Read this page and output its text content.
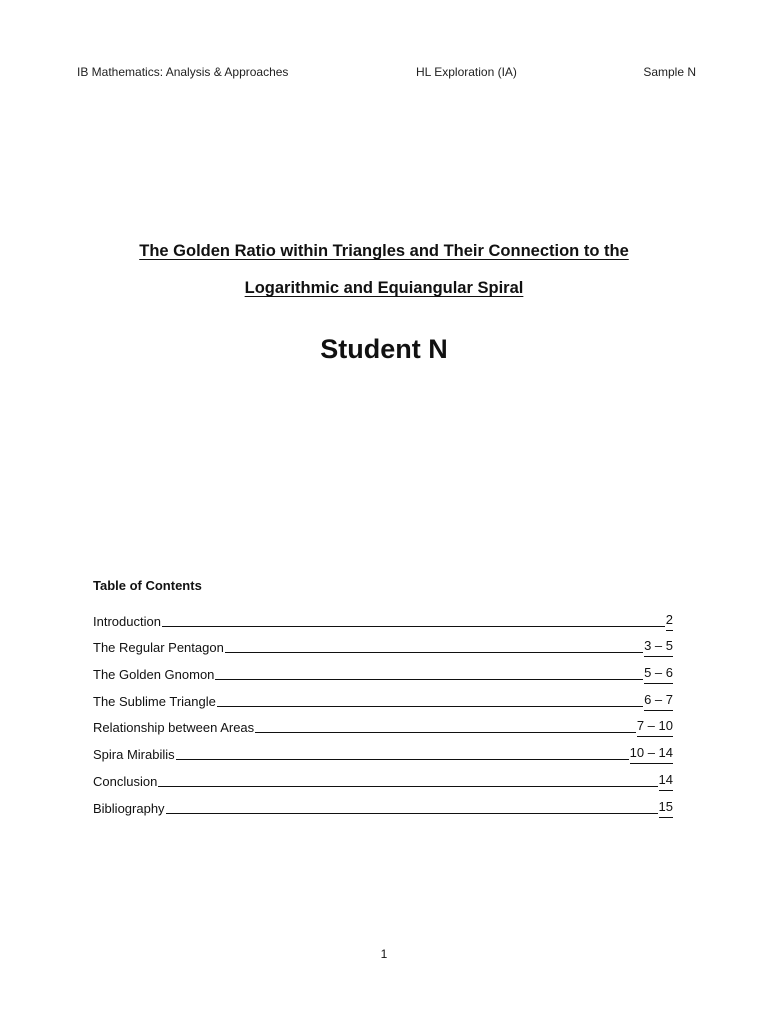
IB Mathematics: Analysis & Approaches	HL Exploration (IA)	Sample N
The Golden Ratio within Triangles and Their Connection to the
Logarithmic and Equiangular Spiral
Student N
Table of Contents
Introduction	2
The Regular Pentagon	3 – 5
The Golden Gnomon	5 – 6
The Sublime Triangle	6 – 7
Relationship between Areas	7 – 10
Spira Mirabilis	10 – 14
Conclusion	14
Bibliography	15
1
